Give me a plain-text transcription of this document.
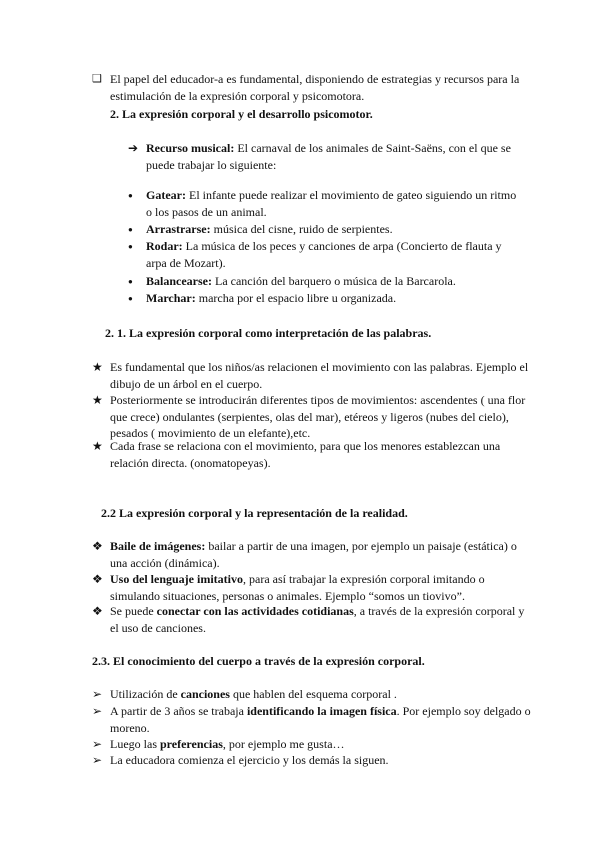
❑ El papel del educador-a es fundamental, disponiendo de estrategias y recursos para la estimulación de la expresión corporal y psicomotora.
2. La expresión corporal y el desarrollo psicomotor.
➔ Recurso musical: El carnaval de los animales de Saint-Saëns, con el que se puede trabajar lo siguiente:
●	Gatear: El infante puede realizar el movimiento de gateo siguiendo un ritmo o los pasos de un animal.
●	Arrastrarse: música del cisne, ruido de serpientes.
●	Rodar: La música de los peces y canciones de arpa (Concierto de flauta y arpa de Mozart).
●	Balancearse: La canción del barquero o música de la Barcarola.
●	Marchar: marcha por el espacio libre u organizada.
2. 1. La expresión corporal como interpretación de las palabras.
★ Es fundamental que los niños/as relacionen el movimiento con las palabras. Ejemplo el dibujo de un árbol en el cuerpo.
★ Posteriormente se introducirán diferentes tipos de movimientos: ascendentes ( una flor que crece) ondulantes (serpientes, olas del mar), etéreos y ligeros (nubes del cielo), pesados ( movimiento de un elefante),etc.
★ Cada frase se relaciona con el movimiento, para que los menores establezcan una relación directa. (onomatopeyas).
2.2 La expresión corporal y la representación de la realidad.
❖ Baile de imágenes: bailar a partir de una imagen, por ejemplo un paisaje (estática) o una acción (dinámica).
❖ Uso del lenguaje imitativo, para así trabajar la expresión corporal imitando o simulando situaciones, personas o animales. Ejemplo “somos un tiovivo”.
❖ Se puede conectar con las actividades cotidianas, a través de la expresión corporal y el uso de canciones.
2.3. El conocimiento del cuerpo a través de la expresión corporal.
➢ Utilización de canciones que hablen del esquema corporal .
➢ A partir de 3 años se trabaja identificando la imagen física. Por ejemplo soy delgado o moreno.
➢ Luego las preferencias, por ejemplo me gusta…
➢ La educadora comienza el ejercicio y los demás la siguen.
